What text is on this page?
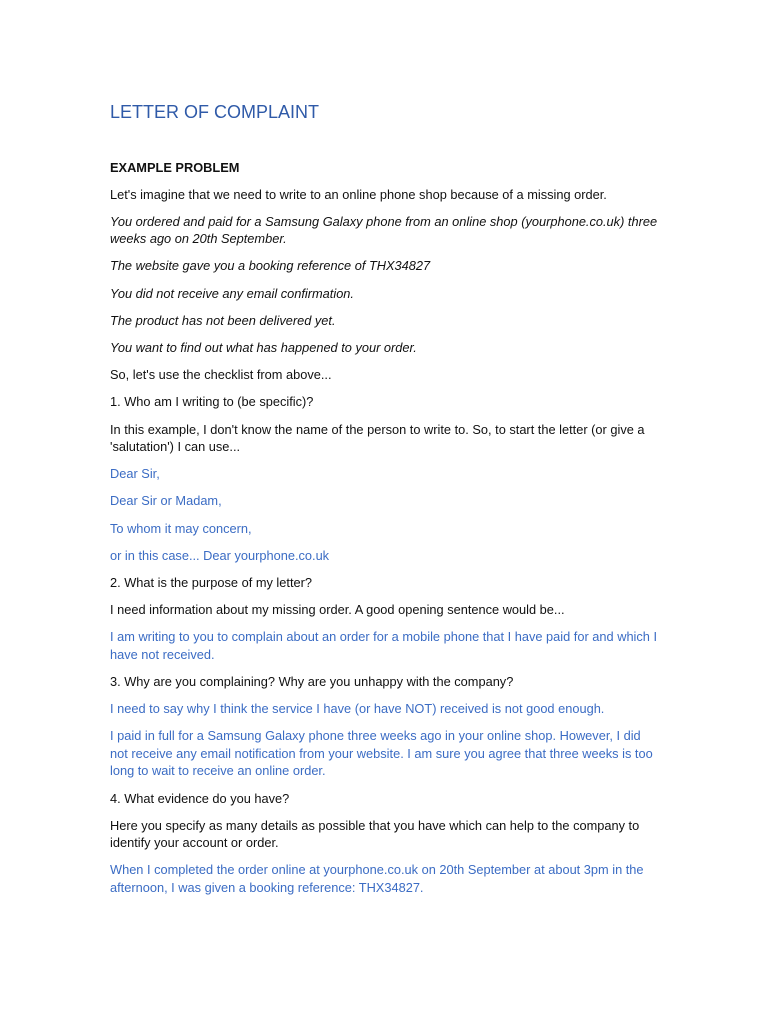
LETTER OF COMPLAINT
EXAMPLE PROBLEM

Let's imagine that we need to write to an online phone shop because of a missing order.

You ordered and paid for a Samsung Galaxy phone from an online shop (yourphone.co.uk) three weeks ago on 20th September.

The website gave you a booking reference of THX34827

You did not receive any email confirmation.

The product has not been delivered yet.

You want to find out what has happened to your order.

So, let's use the checklist from above...

1. Who am I writing to (be specific)?

In this example, I don't know the name of the person to write to. So, to start the letter (or give a 'salutation') I can use...

Dear Sir,

Dear Sir or Madam,

To whom it may concern,

or in this case... Dear yourphone.co.uk

2. What is the purpose of my letter?

I need information about my missing order. A good opening sentence would be...

I am writing to you to complain about an order for a mobile phone that I have paid for and which I have not received.

3. Why are you complaining? Why are you unhappy with the company?

I need to say why I think the service I have (or have NOT) received is not good enough.

I paid in full for a Samsung Galaxy phone three weeks ago in your online shop. However, I did not receive any email notification from your website. I am sure you agree that three weeks is too long to wait to receive an online order.

4. What evidence do you have?

Here you specify as many details as possible that you have which can help to the company to identify your account or order.

When I completed the order online at yourphone.co.uk on 20th September at about 3pm in the afternoon, I was given a booking reference: THX34827.
